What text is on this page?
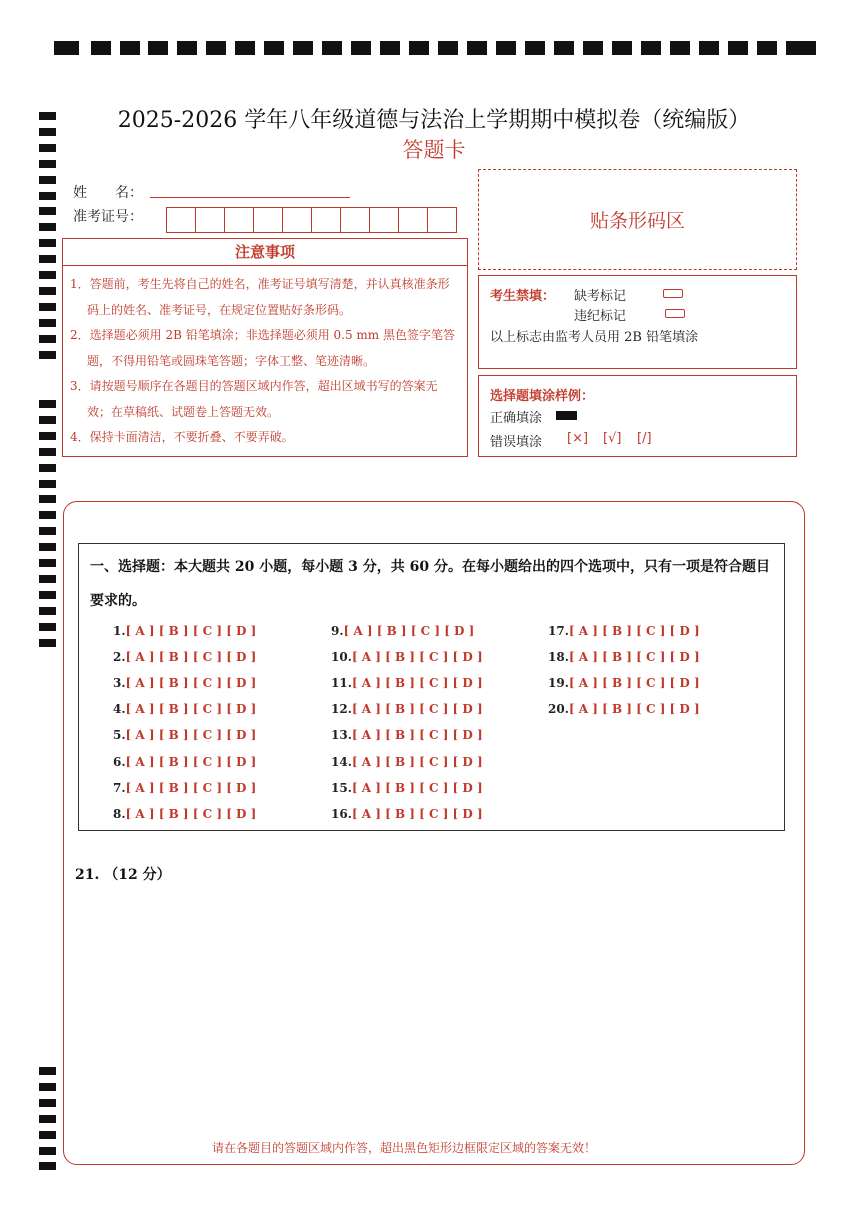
2025-2026 学年八年级道德与法治上学期期中模拟卷（统编版）
答题卡
姓　　名：
准考证号：	贴条形码区
注意事项
1．答题前，考生先将自己的姓名，准考证号填写清楚，并认真核准条形码上的姓名、准考证号，在规定位置贴好条形码。
2．选择题必须用 2B 铅笔填涂；非选择题必须用 0.5 mm 黑色签字笔答题，不得用铅笔或圆珠笔答题；字体工整、笔迹清晰。
3．请按题号顺序在各题目的答题区域内作答，超出区域书写的答案无效；在草稿纸、试题卷上答题无效。
4．保持卡面清洁，不要折叠、不要弄破。
考生禁填： 缺考标记
违纪标记
以上标志由监考人员用 2B 铅笔填涂
选择题填涂样例：
正确填涂
错误填涂 [×] [√] [/]
一、选择题：本大题共 20 小题，每小题 3 分，共 60 分。在每小题给出的四个选项中，只有一项是符合题目要求的。
1.[ A ] [ B ] [ C ] [ D ]
2.[ A ] [ B ] [ C ] [ D ]
3.[ A ] [ B ] [ C ] [ D ]
4.[ A ] [ B ] [ C ] [ D ]
5.[ A ] [ B ] [ C ] [ D ]
6.[ A ] [ B ] [ C ] [ D ]
7.[ A ] [ B ] [ C ] [ D ]
8.[ A ] [ B ] [ C ] [ D ]
9.[ A ] [ B ] [ C ] [ D ]
10.[ A ] [ B ] [ C ] [ D ]
11.[ A ] [ B ] [ C ] [ D ]
12.[ A ] [ B ] [ C ] [ D ]
13.[ A ] [ B ] [ C ] [ D ]
14.[ A ] [ B ] [ C ] [ D ]
15.[ A ] [ B ] [ C ] [ D ]
16.[ A ] [ B ] [ C ] [ D ]
17.[ A ] [ B ] [ C ] [ D ]
18.[ A ] [ B ] [ C ] [ D ]
19.[ A ] [ B ] [ C ] [ D ]
20.[ A ] [ B ] [ C ] [ D ]
21. （12 分）
请在各题目的答题区域内作答，超出黑色矩形边框限定区域的答案无效！
